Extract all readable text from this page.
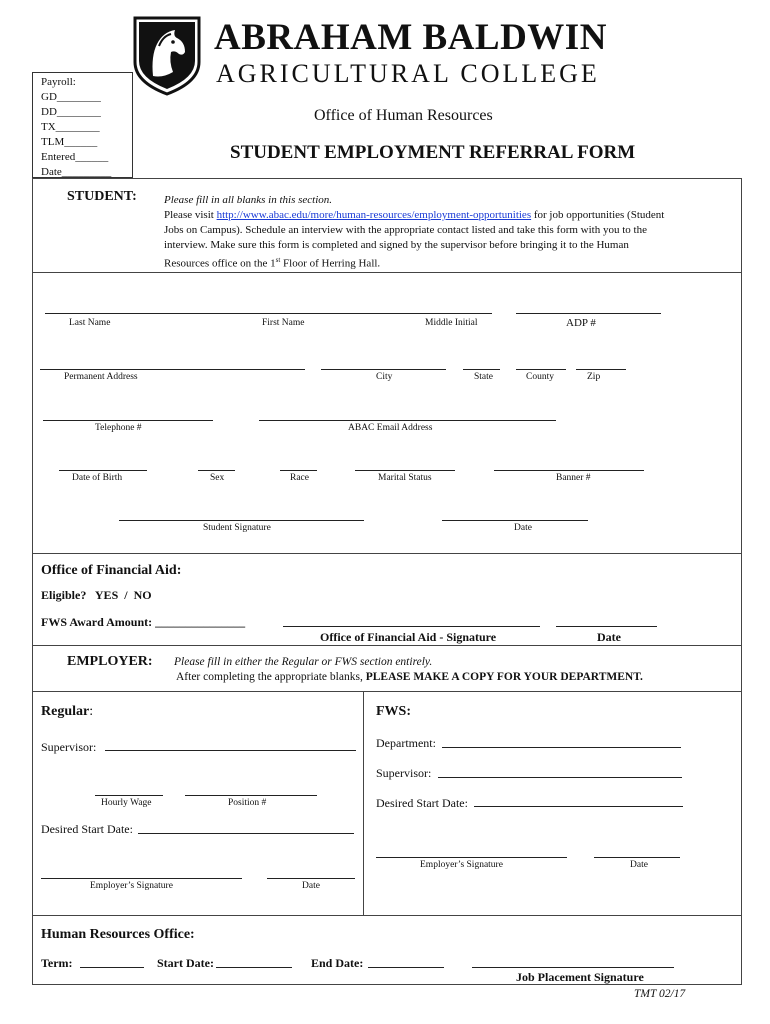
ABRAHAM BALDWIN
AGRICULTURAL COLLEGE
Office of Human Resources
STUDENT EMPLOYMENT REFERRAL FORM
Payroll:
GD________
DD________
TX________
TLM______
Entered______
Date_________
STUDENT: Please fill in all blanks in this section.
Please visit http://www.abac.edu/more/human-resources/employment-opportunities for job opportunities (Student
Jobs on Campus). Schedule an interview with the appropriate contact listed and take this form with you to the
interview. Make sure this form is completed and signed by the supervisor before bringing it to the Human
Resources office on the 1st Floor of Herring Hall.
Last Name	First Name	Middle Initial	ADP #
Permanent Address	City	State	County	Zip
Telephone #	ABAC Email Address
Date of Birth	Sex	Race	Marital Status	Banner #
Student Signature	Date
Office of Financial Aid:
Eligible?   YES  /  NO
FWS Award Amount: _______________
Office of Financial Aid - Signature	Date
EMPLOYER: Please fill in either the Regular or FWS section entirely.
After completing the appropriate blanks, PLEASE MAKE A COPY FOR YOUR DEPARTMENT.
Regular:
Supervisor:
Hourly Wage	Position #
Desired Start Date:
Employer’s Signature	Date
FWS:
Department:
Supervisor:
Desired Start Date:
Employer’s Signature	Date
Human Resources Office:
Term:	Start Date:	End Date:
Job Placement Signature
TMT 02/17
